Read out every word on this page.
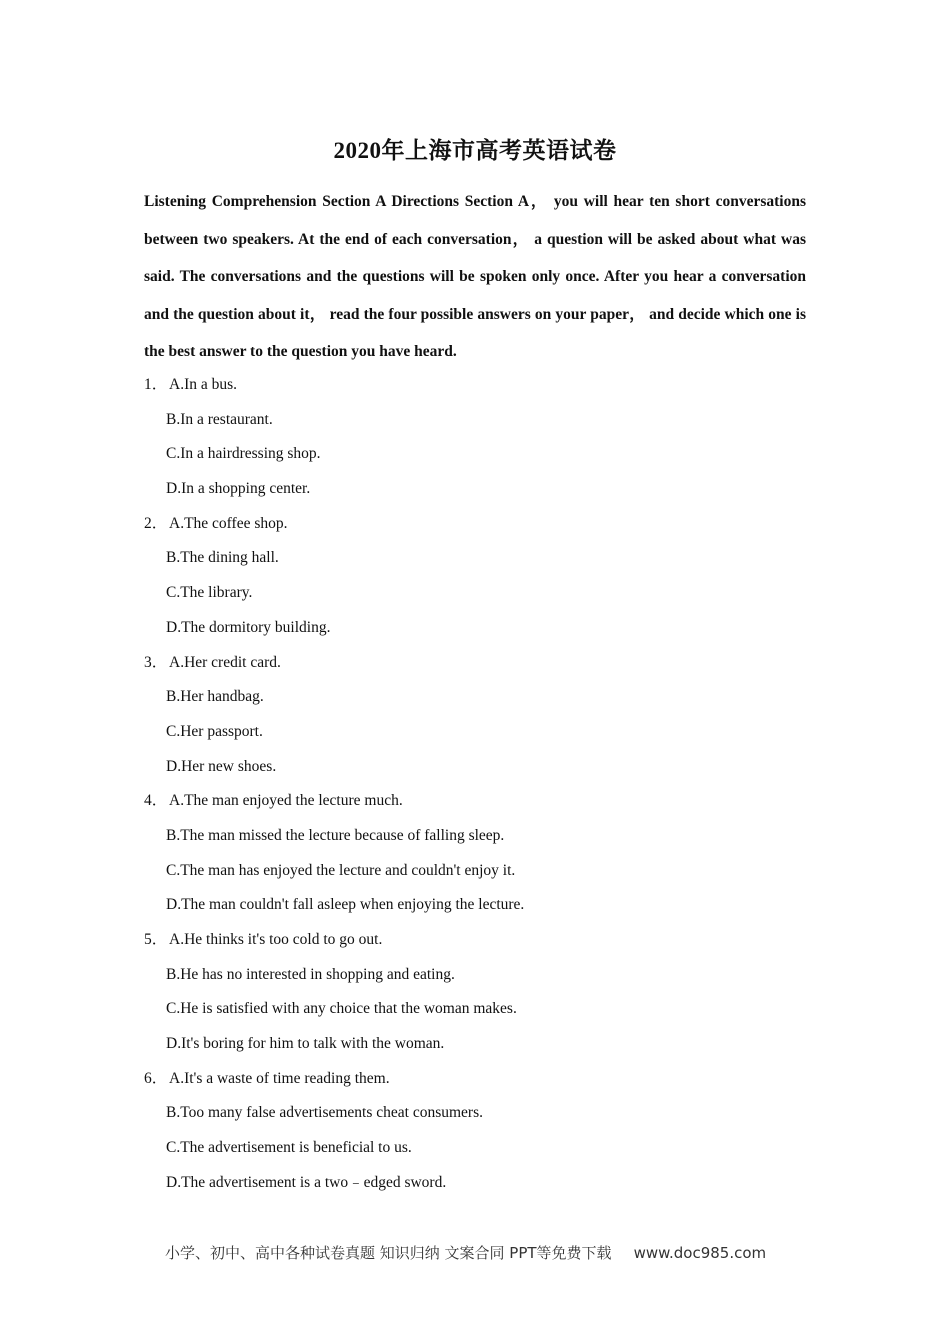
2020年上海市高考英语试卷

Listening Comprehension Section A Directions Section A， you will hear ten short conversations between two speakers. At the end of each conversation， a question will be asked about what was said. The conversations and the questions will be spoken only once. After you hear a conversation and the question about it， read the four possible answers on your paper， and decide which one is the best answer to the question you have heard.

1． A.In a bus.
B.In a restaurant.
C.In a hairdressing shop.
D.In a shopping center.
2． A.The coffee shop.
B.The dining hall.
C.The library.
D.The dormitory building.
3． A.Her credit card.
B.Her handbag.
C.Her passport.
D.Her new shoes.
4． A.The man enjoyed the lecture much.
B.The man missed the lecture because of falling sleep.
C.The man has enjoyed the lecture and couldn't enjoy it.
D.The man couldn't fall asleep when enjoying the lecture.
5． A.He thinks it's too cold to go out.
B.He has no interested in shopping and eating.
C.He is satisfied with any choice that the woman makes.
D.It's boring for him to talk with the woman.
6． A.It's a waste of time reading them.
B.Too many false advertisements cheat consumers.
C.The advertisement is beneficial to us.
D.The advertisement is a two﹣edged sword.
小学、初中、高中各种试卷真题 知识归纳 文案合同 PPT等免费下载 www.doc985.com
